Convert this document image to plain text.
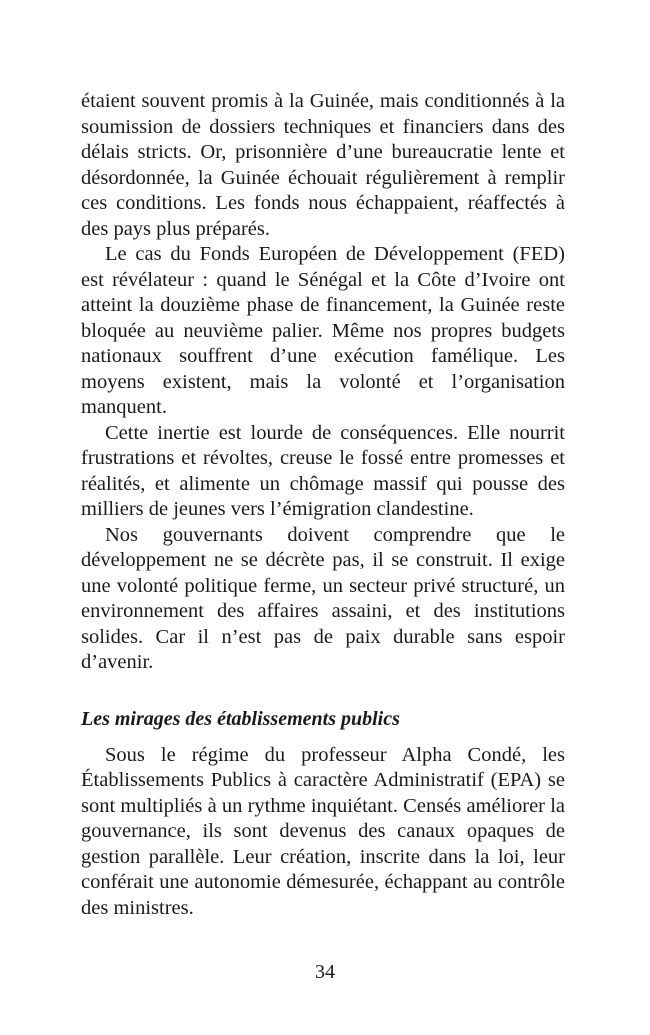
étaient souvent promis à la Guinée, mais conditionnés à la soumission de dossiers techniques et financiers dans des délais stricts. Or, prisonnière d’une bureaucratie lente et désordonnée, la Guinée échouait régulièrement à remplir ces conditions. Les fonds nous échappaient, réaffectés à des pays plus préparés.

Le cas du Fonds Européen de Développement (FED) est révélateur : quand le Sénégal et la Côte d’Ivoire ont atteint la douzième phase de financement, la Guinée reste bloquée au neuvième palier. Même nos propres budgets nationaux souffrent d’une exécution famélique. Les moyens existent, mais la volonté et l’organisation manquent.

Cette inertie est lourde de conséquences. Elle nourrit frustrations et révoltes, creuse le fossé entre promesses et réalités, et alimente un chômage massif qui pousse des milliers de jeunes vers l’émigration clandestine.

Nos gouvernants doivent comprendre que le développement ne se décrète pas, il se construit. Il exige une volonté politique ferme, un secteur privé structuré, un environnement des affaires assaini, et des institutions solides. Car il n’est pas de paix durable sans espoir d’avenir.

Les mirages des établissements publics

Sous le régime du professeur Alpha Condé, les Établissements Publics à caractère Administratif (EPA) se sont multipliés à un rythme inquiétant. Censés améliorer la gouvernance, ils sont devenus des canaux opaques de gestion parallèle. Leur création, inscrite dans la loi, leur conférait une autonomie démesurée, échappant au contrôle des ministres.

34
